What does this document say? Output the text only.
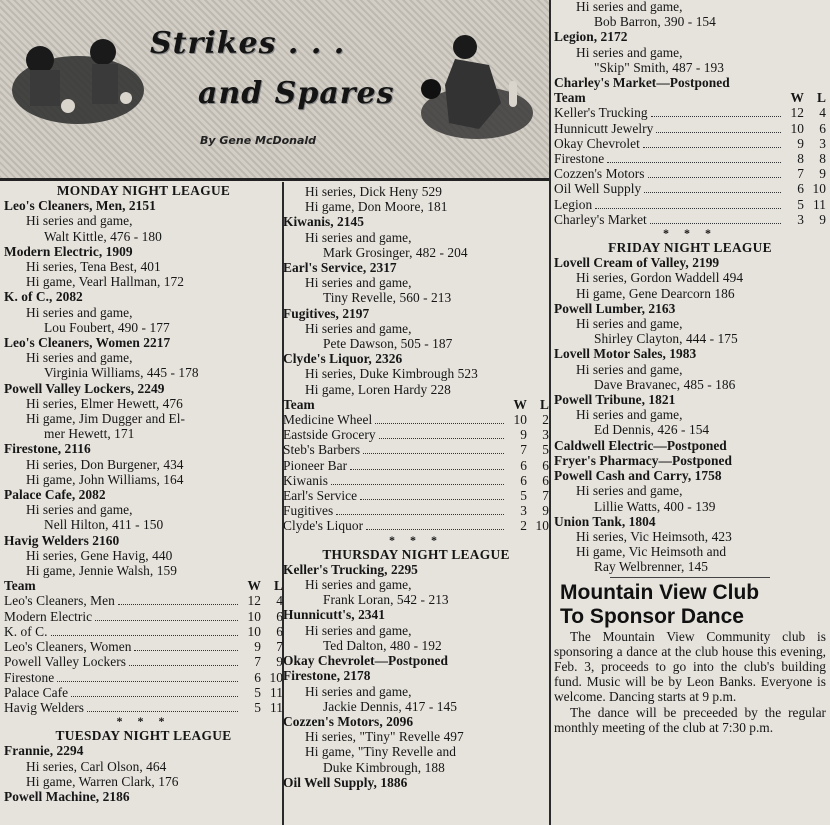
Strikes . . .
and Spares
By Gene McDonald
MONDAY NIGHT LEAGUE
Leo's Cleaners, Men, 2151
Hi series and game,
Walt Kittle, 476 - 180
Modern Electric, 1909
Hi series, Tena Best, 401
Hi game, Vearl Hallman, 172
K. of C., 2082
Hi series and game,
Lou Foubert, 490 - 177
Leo's Cleaners, Women 2217
Hi series and game,
Virginia Williams, 445 - 178
Powell Valley Lockers, 2249
Hi series, Elmer Hewett, 476
Hi game, Jim Dugger and El-
mer Hewett, 171
Firestone, 2116
Hi series, Don Burgener, 434
Hi game, John Williams, 164
Palace Cafe, 2082
Hi series and game,
Nell Hilton, 411 - 150
Havig Welders 2160
Hi series, Gene Havig, 440
Hi game, Jennie Walsh, 159
Team	W L
Leo's Cleaners, Men	12	4
Modern Electric	10	6
K. of C.	10	6
Leo's Cleaners, Women	9	7
Powell Valley Lockers	7	9
Firestone	6 10
Palace Cafe	5 11
Havig Welders	5 11
* * *
TUESDAY NIGHT LEAGUE
Frannie, 2294
Hi series, Carl Olson, 464
Hi game, Warren Clark, 176
Powell Machine, 2186
Hi series, Dick Heny 529
Hi game, Don Moore, 181
Kiwanis, 2145
Hi series and game,
Mark Grosinger, 482 - 204
Earl's Service, 2317
Hi series and game,
Tiny Revelle, 560 - 213
Fugitives, 2197
Hi series and game,
Pete Dawson, 505 - 187
Clyde's Liquor, 2326
Hi series, Duke Kimbrough 523
Hi game, Loren Hardy 228
Team	W L
Medicine Wheel	10	2
Eastside Grocery	9	3
Steb's Barbers	7	5
Pioneer Bar	6	6
Kiwanis	6	6
Earl's Service	5	7
Fugitives	3	9
Clyde's Liquor	2 10
* * *
THURSDAY NIGHT LEAGUE
Keller's Trucking, 2295
Hi series and game,
Frank Loran, 542 - 213
Hunnicutt's, 2341
Hi series and game,
Ted Dalton, 480 - 192
Okay Chevrolet—Postponed
Firestone, 2178
Hi series and game,
Jackie Dennis, 417 - 145
Cozzen's Motors, 2096
Hi series, "Tiny" Revelle 497
Hi game, "Tiny Revelle and
Duke Kimbrough, 188
Oil Well Supply, 1886
Hi series and game,
Bob Barron, 390 - 154
Legion, 2172
Hi series and game,
"Skip" Smith, 487 - 193
Charley's Market—Postponed
Team	W L
Keller's Trucking	12	4
Hunnicutt Jewelry	10	6
Okay Chevrolet	9	3
Firestone	8	8
Cozzen's Motors	7	9
Oil Well Supply	6 10
Legion	5 11
Charley's Market	3	9
* * *
FRIDAY NIGHT LEAGUE
Lovell Cream of Valley, 2199
Hi series, Gordon Waddell 494
Hi game, Gene Dearcorn 186
Powell Lumber, 2163
Hi series and game,
Shirley Clayton, 444 - 175
Lovell Motor Sales, 1983
Hi series and game,
Dave Bravanec, 485 - 186
Powell Tribune, 1821
Hi series and game,
Ed Dennis, 426 - 154
Caldwell Electric—Postponed
Fryer's Pharmacy—Postponed
Powell Cash and Carry, 1758
Hi series and game,
Lillie Watts, 400 - 139
Union Tank, 1804
Hi series, Vic Heimsoth, 423
Hi game, Vic Heimsoth and
Ray Welbrenner, 145
Mountain View Club
To Sponsor Dance
The Mountain View Community club is sponsoring a dance at the club house this evening, Feb. 3, proceeds to go into the club's building fund. Music will be by Leon Banks. Everyone is welcome. Dancing starts at 9 p.m.
The dance will be preceeded by the regular monthly meeting of the club at 7:30 p.m.
